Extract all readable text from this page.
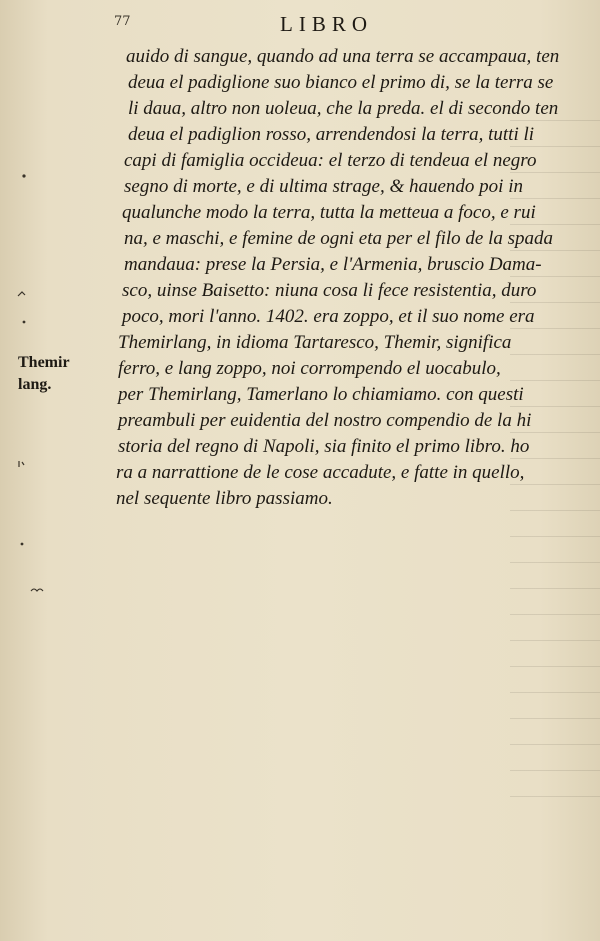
77	LIBRO
Themir
lang.
auido di sangue, quando ad una terra se accampaua, ten
deua el padiglione suo bianco el primo di, se la terra se
li daua, altro non uoleua, che la preda. el di secondo ten
deua el padiglion rosso, arrendendosi la terra, tutti li
capi di famiglia occideua: el terzo di tendeua el negro
segno di morte, e di ultima strage, & hauendo poi in
qualunche modo la terra, tutta la metteua a foco, e rui
na, e maschi, e femine de ogni eta per el filo de la spada
mandaua: prese la Persia, e l'Armenia, bruscio Dama-
sco, uinse Baisetto: niuna cosa li fece resistentia, duro
poco, mori l'anno. 1402. era zoppo, et il suo nome era
Themirlang, in idioma Tartaresco, Themir, significa
ferro, e lang zoppo, noi corrompendo el uocabulo,
per Themirlang, Tamerlano lo chiamiamo. con questi
preambuli per euidentia del nostro compendio de la hi
storia del regno di Napoli, sia finito el primo libro. ho
ra a narrattione de le cose accadute, e fatte in quello,
nel sequente libro passiamo.
